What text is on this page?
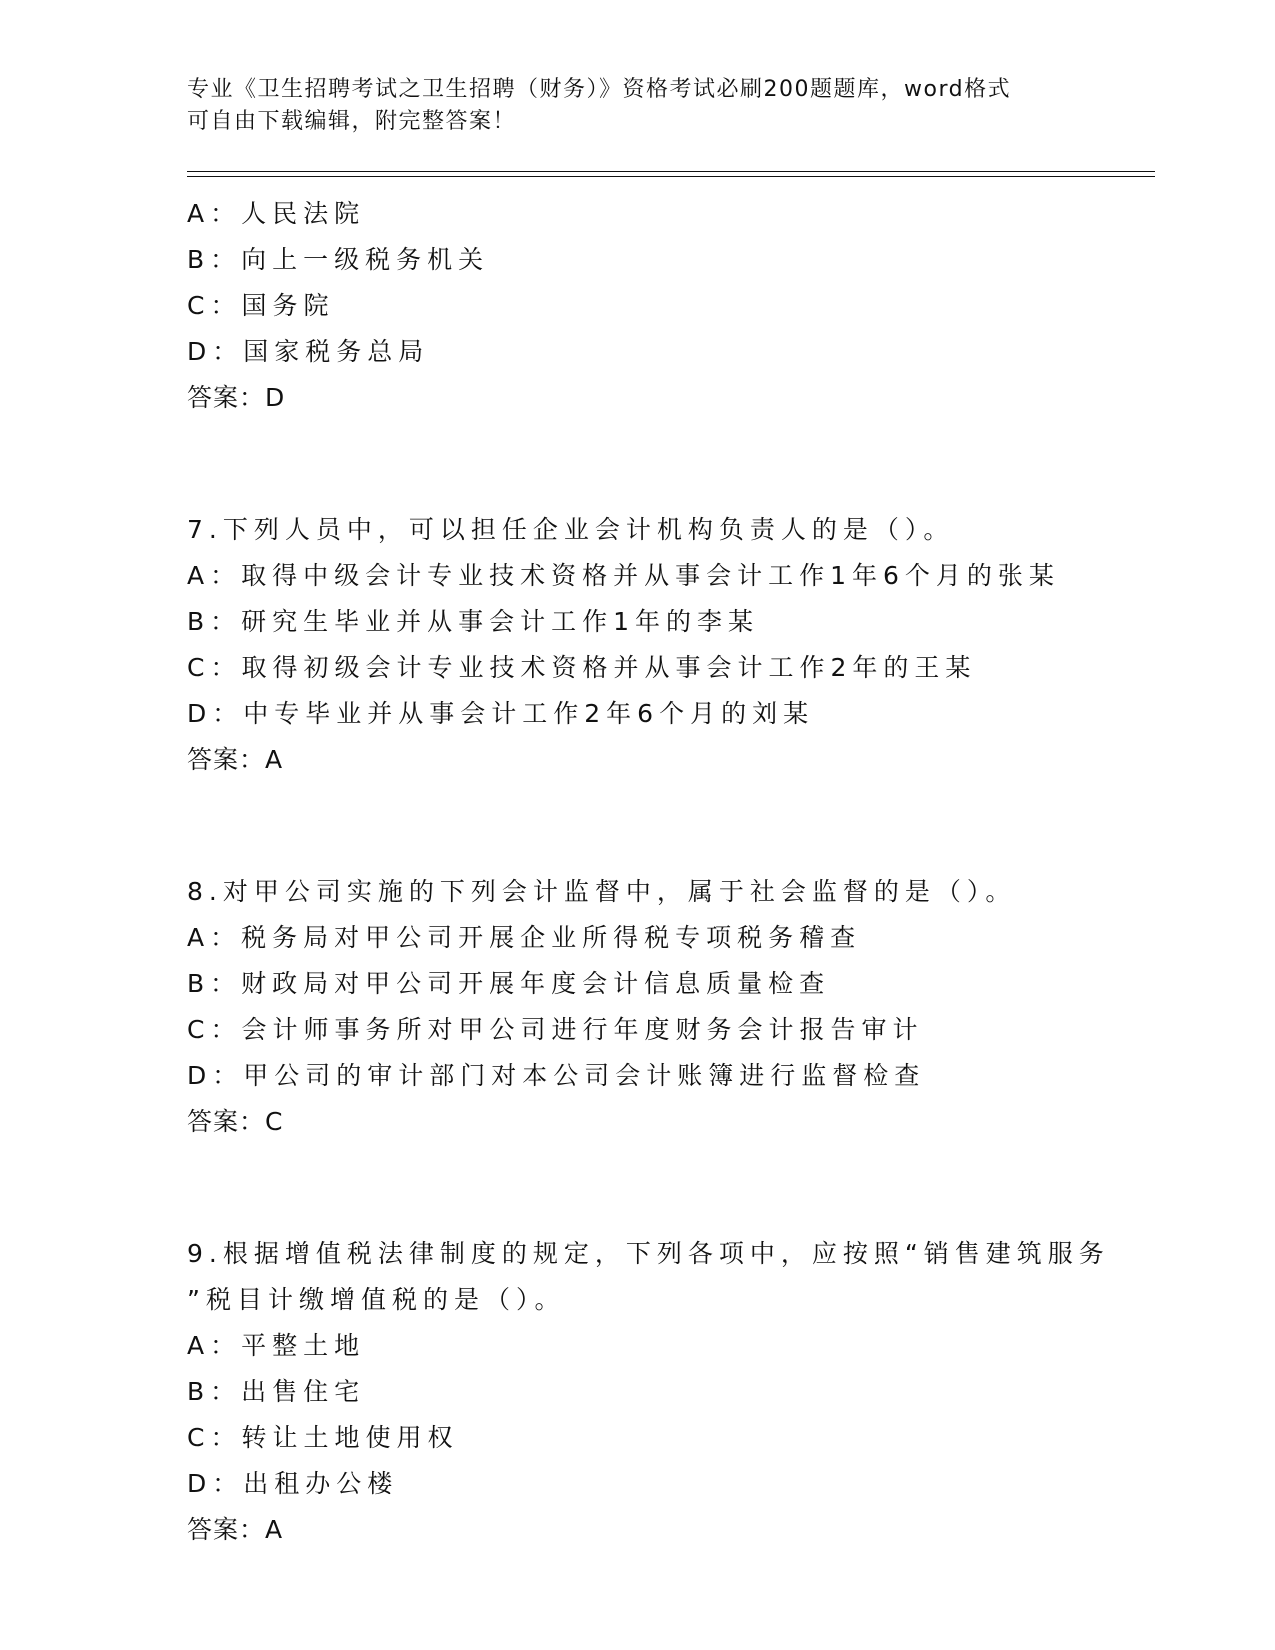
专业《卫生招聘考试之卫生招聘（财务）》资格考试必刷200题题库，word格式
可自由下载编辑，附完整答案！
A：人民法院
B：向上一级税务机关
C：国务院
D：国家税务总局
答案：D
7.下列人员中，可以担任企业会计机构负责人的是（）。
A：取得中级会计专业技术资格并从事会计工作1年6个月的张某
B：研究生毕业并从事会计工作1年的李某
C：取得初级会计专业技术资格并从事会计工作2年的王某
D：中专毕业并从事会计工作2年6个月的刘某
答案：A
8.对甲公司实施的下列会计监督中，属于社会监督的是（）。
A：税务局对甲公司开展企业所得税专项税务稽查
B：财政局对甲公司开展年度会计信息质量检查
C：会计师事务所对甲公司进行年度财务会计报告审计
D：甲公司的审计部门对本公司会计账簿进行监督检查
答案：C
9.根据增值税法律制度的规定，下列各项中，应按照“销售建筑服务
”税目计缴增值税的是（）。
A：平整土地
B：出售住宅
C：转让土地使用权
D：出租办公楼
答案：A
